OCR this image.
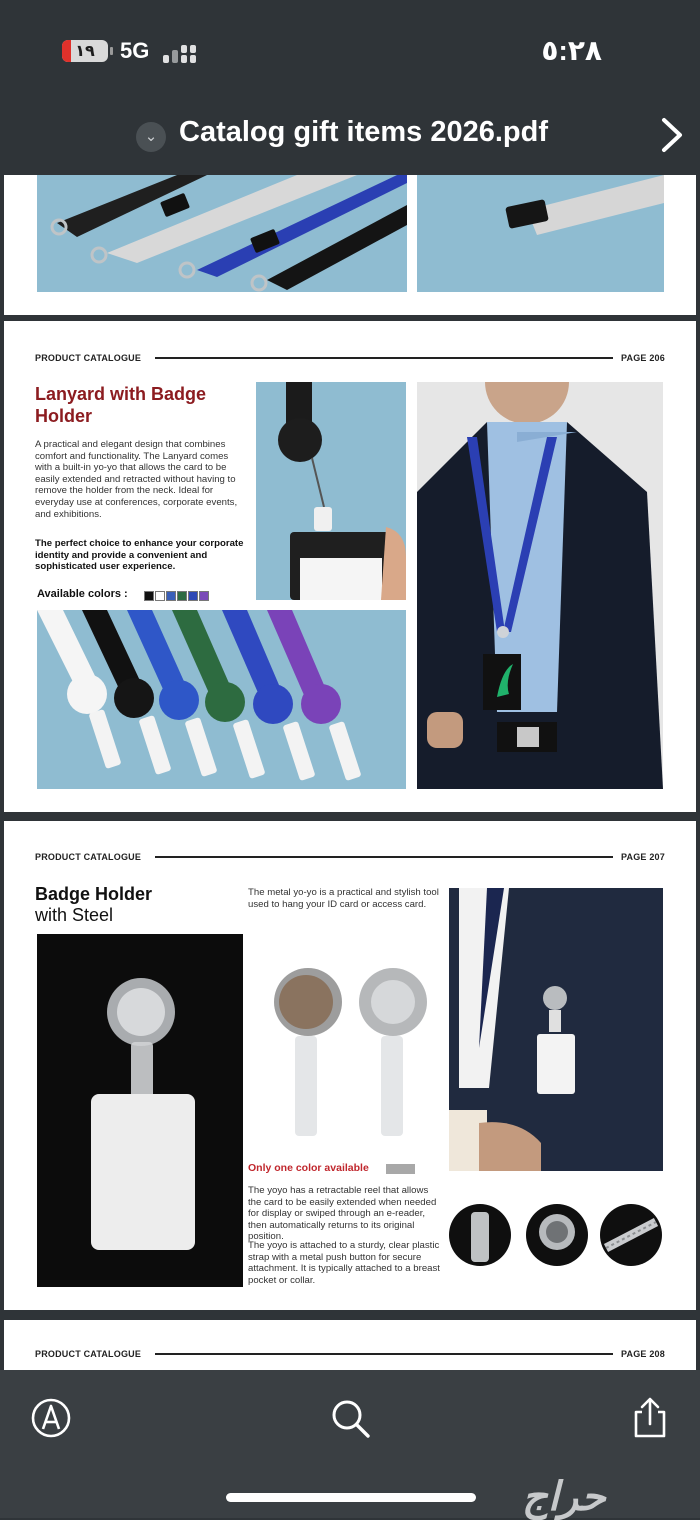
١٩	5G	٥:٢٨
⌄ Catalog gift items 2026.pdf
PRODUCT CATALOGUE	PAGE 206
Lanyard with Badge Holder
A practical and elegant design that combines comfort and functionality. The Lanyard comes with a built-in yo-yo that allows the card to be easily extended and retracted without having to remove the holder from the neck. Ideal for everyday use at conferences, corporate events, and exhibitions.
The perfect choice to enhance your corporate identity and provide a convenient and sophisticated user experience.
Available colors :
PRODUCT CATALOGUE	PAGE 207
Badge Holder
with Steel
The metal yo-yo is a practical and stylish tool used to hang your ID card or access card.
Only one color available
The yoyo has a retractable reel that allows the card to be easily extended when needed for display or swiped through an e-reader, then automatically returns to its original position.
The yoyo is attached to a sturdy, clear plastic strap with a metal push button for secure attachment. It is typically attached to a breast pocket or collar.
PRODUCT CATALOGUE	PAGE 208
حراج
